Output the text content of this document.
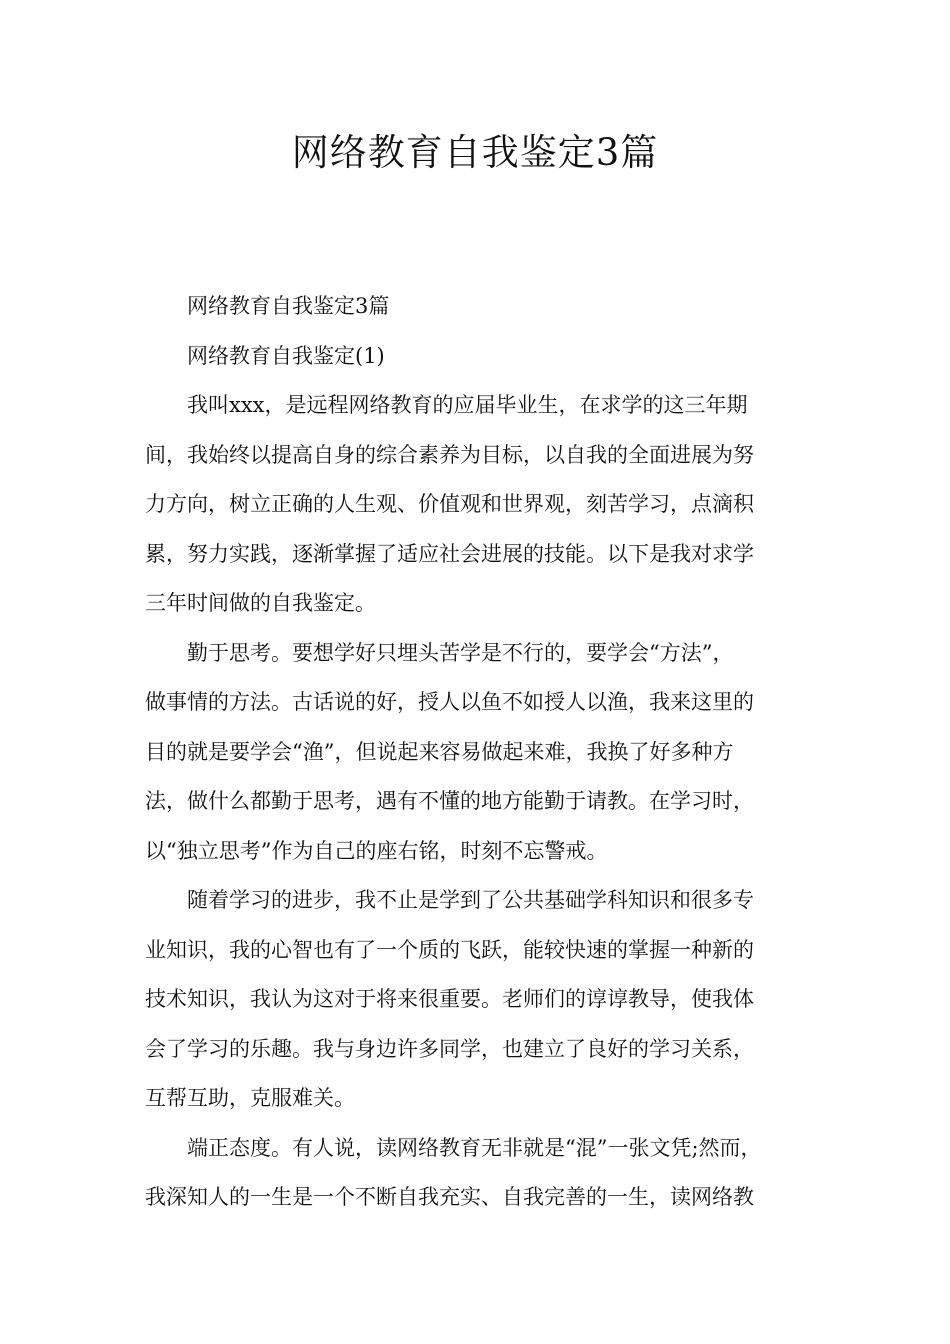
网络教育自我鉴定3篇
网络教育自我鉴定3篇
网络教育自我鉴定(1)
我叫xxx，是远程网络教育的应届毕业生，在求学的这三年期
间，我始终以提高自身的综合素养为目标，以自我的全面进展为努
力方向，树立正确的人生观、价值观和世界观，刻苦学习，点滴积
累，努力实践，逐渐掌握了适应社会进展的技能。以下是我对求学
三年时间做的自我鉴定。
勤于思考。要想学好只埋头苦学是不行的，要学会“方法”，
做事情的方法。古话说的好，授人以鱼不如授人以渔，我来这里的
目的就是要学会“渔”，但说起来容易做起来难，我换了好多种方
法，做什么都勤于思考，遇有不懂的地方能勤于请教。在学习时，
以“独立思考”作为自己的座右铭，时刻不忘警戒。
随着学习的进步，我不止是学到了公共基础学科知识和很多专
业知识，我的心智也有了一个质的飞跃，能较快速的掌握一种新的
技术知识，我认为这对于将来很重要。老师们的谆谆教导，使我体
会了学习的乐趣。我与身边许多同学，也建立了良好的学习关系，
互帮互助，克服难关。
端正态度。有人说，读网络教育无非就是“混”一张文凭;然而，
我深知人的一生是一个不断自我充实、自我完善的一生，读网络教
